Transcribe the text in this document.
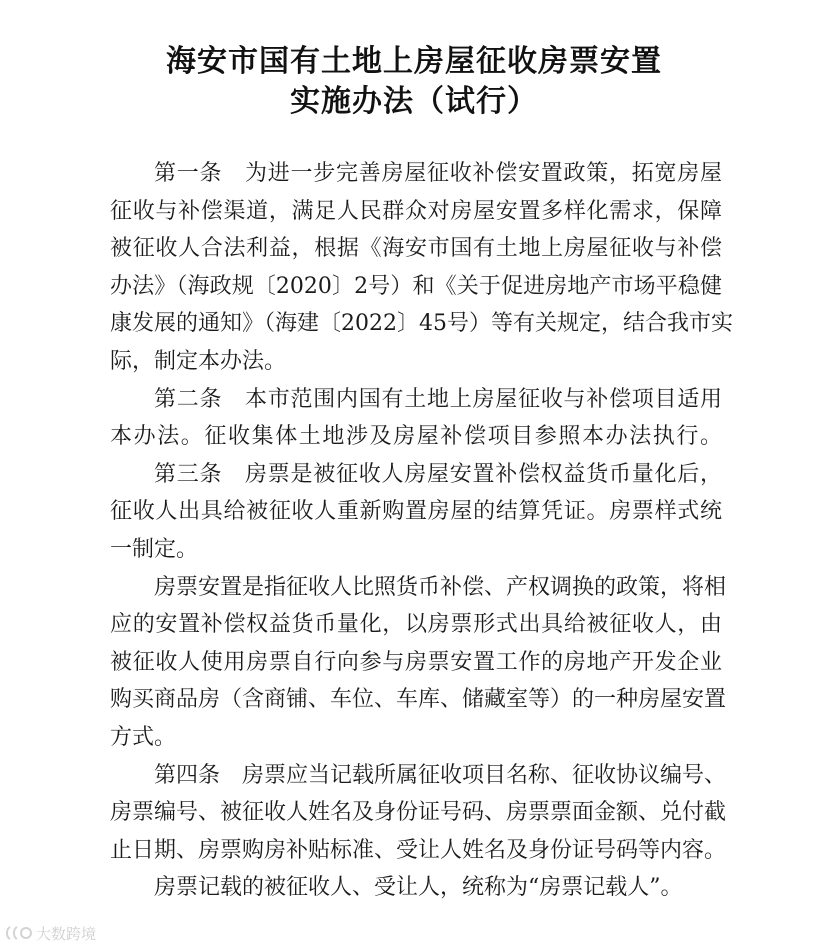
海安市国有土地上房屋征收房票安置
实施办法（试行）
第一条　为进一步完善房屋征收补偿安置政策，拓宽房屋
征收与补偿渠道，满足人民群众对房屋安置多样化需求，保障
被征收人合法利益，根据《海安市国有土地上房屋征收与补偿
办法》（海政规〔2020〕2号）和《关于促进房地产市场平稳健
康发展的通知》（海建〔2022〕45号）等有关规定，结合我市实
际，制定本办法。
第二条　本市范围内国有土地上房屋征收与补偿项目适用
本办法。征收集体土地涉及房屋补偿项目参照本办法执行。
第三条　房票是被征收人房屋安置补偿权益货币量化后，
征收人出具给被征收人重新购置房屋的结算凭证。房票样式统
一制定。
房票安置是指征收人比照货币补偿、产权调换的政策，将相
应的安置补偿权益货币量化，以房票形式出具给被征收人，由
被征收人使用房票自行向参与房票安置工作的房地产开发企业
购买商品房（含商铺、车位、车库、储藏室等）的一种房屋安置
方式。
第四条　房票应当记载所属征收项目名称、征收协议编号、
房票编号、被征收人姓名及身份证号码、房票票面金额、兑付截
止日期、房票购房补贴标准、受让人姓名及身份证号码等内容。
房票记载的被征收人、受让人，统称为“房票记载人”。
大数跨境
